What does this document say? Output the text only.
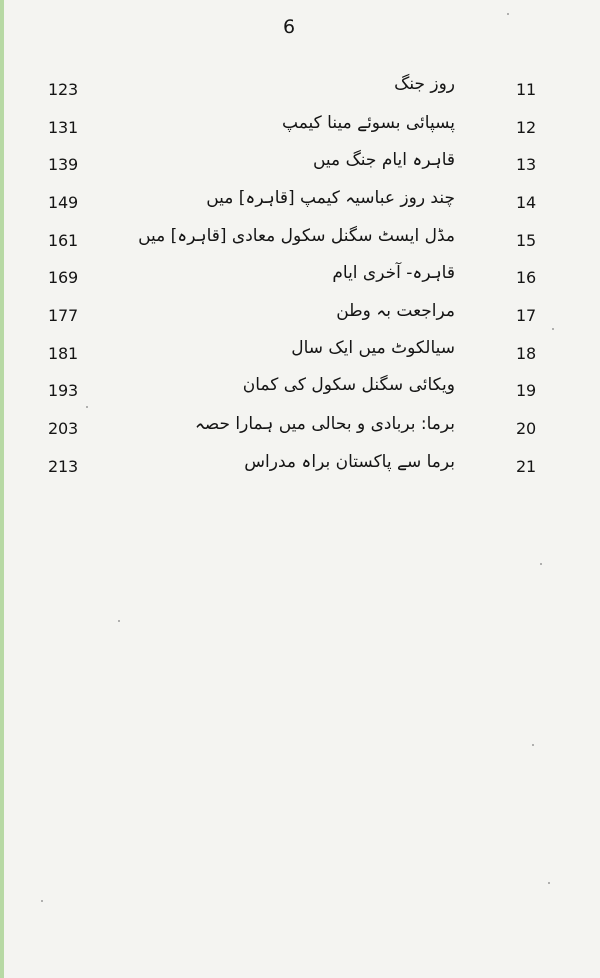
6
123	روز جنگ	11
131	پسپائی بسوئے مینا کیمپ	12
139	قاہرہ ایام جنگ میں	13
149	چند روز عباسیہ کیمپ [قاہرہ] میں	14
161	مڈل ایسٹ سگنل سکول معادی [قاہرہ] میں	15
169	قاہرہ- آخری ایام	16
177	مراجعت بہ وطن	17
181	سیالکوٹ میں ایک سال	18
193	ویکائی سگنل سکول کی کمان	19
203	برما: بربادی و بحالی میں ہمارا حصہ	20
213	برما سے پاکستان براہ مدراس	21
